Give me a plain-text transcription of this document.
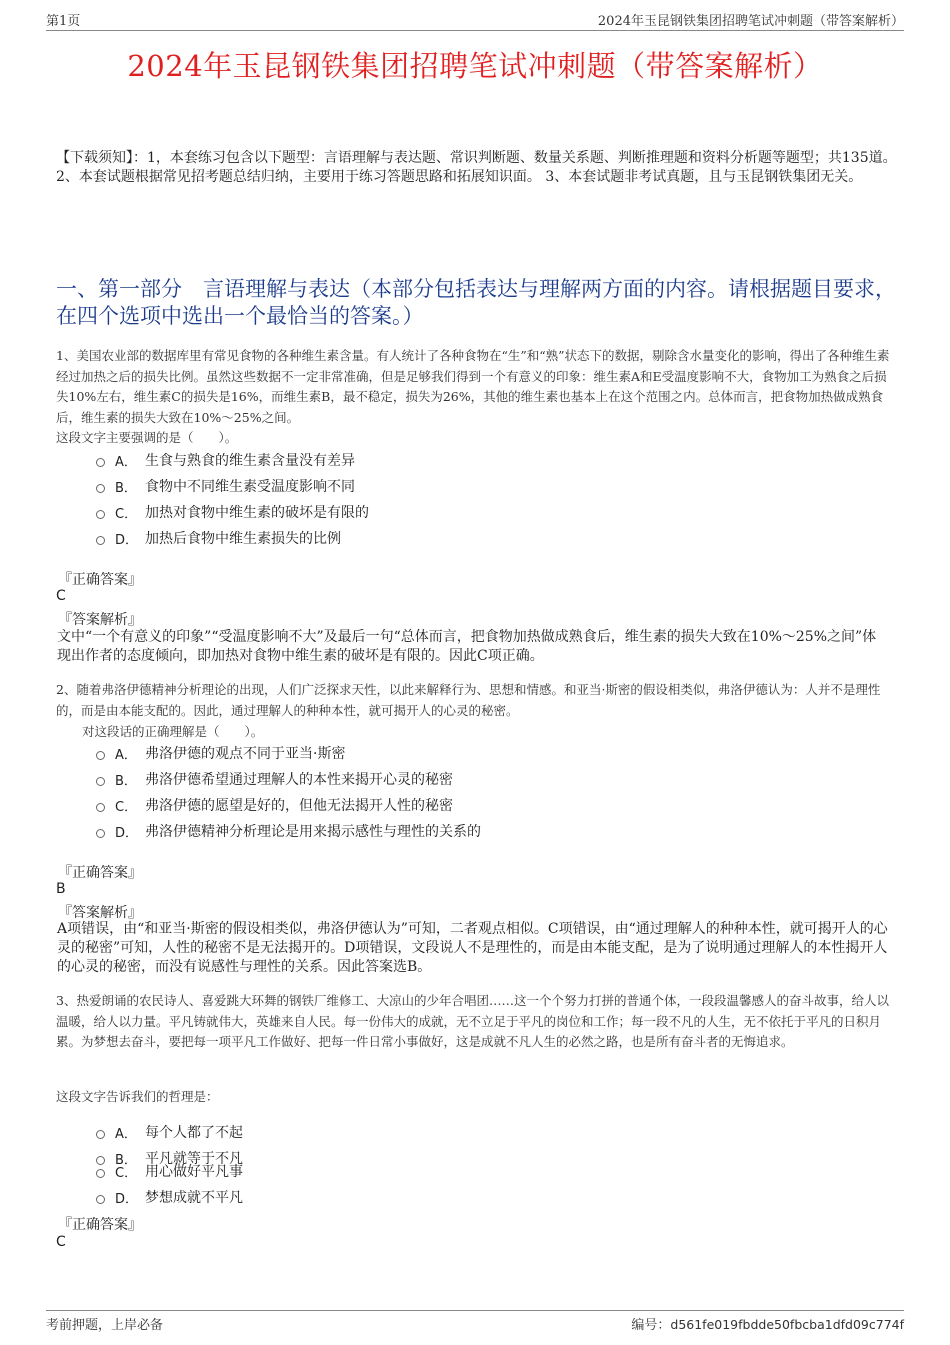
第1页	2024年玉昆钢铁集团招聘笔试冲刺题（带答案解析）
2024年玉昆钢铁集团招聘笔试冲刺题（带答案解析）
【下载须知】：1，本套练习包含以下题型：言语理解与表达题、常识判断题、数量关系题、判断推理题和资料分析题等题型；共135道。 2、本套试题根据常见招考题总结归纳，主要用于练习答题思路和拓展知识面。 3、本套试题非考试真题，且与玉昆钢铁集团无关。
一、第一部分　言语理解与表达（本部分包括表达与理解两方面的内容。请根据题目要求，在四个选项中选出一个最恰当的答案。）
1、美国农业部的数据库里有常见食物的各种维生素含量。有人统计了各种食物在“生”和“熟”状态下的数据，剔除含水量变化的影响，得出了各种维生素经过加热之后的损失比例。虽然这些数据不一定非常准确，但是足够我们得到一个有意义的印象：维生素A和E受温度影响不大，食物加工为熟食之后损失10%左右，维生素C的损失是16%，而维生素B，最不稳定，损失为26%，其他的维生素也基本上在这个范围之内。总体而言，把食物加热做成熟食后，维生素的损失大致在10%～25%之间。
这段文字主要强调的是（　　）。
A． 生食与熟食的维生素含量没有差异
B． 食物中不同维生素受温度影响不同
C． 加热对食物中维生素的破坏是有限的
D． 加热后食物中维生素损失的比例
『正确答案』
C
『答案解析』
文中“一个有意义的印象”“受温度影响不大”及最后一句“总体而言，把食物加热做成熟食后，维生素的损失大致在10%～25%之间”体现出作者的态度倾向，即加热对食物中维生素的破坏是有限的。因此C项正确。
2、随着弗洛伊德精神分析理论的出现，人们广泛探求天性，以此来解释行为、思想和情感。和亚当·斯密的假设相类似，弗洛伊德认为：人并不是理性的，而是由本能支配的。因此，通过理解人的种种本性，就可揭开人的心灵的秘密。
对这段话的正确理解是（　　）。
A． 弗洛伊德的观点不同于亚当·斯密
B． 弗洛伊德希望通过理解人的本性来揭开心灵的秘密
C． 弗洛伊德的愿望是好的，但他无法揭开人性的秘密
D． 弗洛伊德精神分析理论是用来揭示感性与理性的关系的
『正确答案』
B
『答案解析』
A项错误，由“和亚当·斯密的假设相类似，弗洛伊德认为”可知，二者观点相似。C项错误，由“通过理解人的种种本性，就可揭开人的心灵的秘密”可知，人性的秘密不是无法揭开的。D项错误，文段说人不是理性的，而是由本能支配，是为了说明通过理解人的本性揭开人的心灵的秘密，而没有说感性与理性的关系。因此答案选B。
3、热爱朗诵的农民诗人、喜爱跳大环舞的钢铁厂维修工、大凉山的少年合唱团……这一个个努力打拼的普通个体，一段段温馨感人的奋斗故事，给人以温暖，给人以力量。平凡铸就伟大，英雄来自人民。每一份伟大的成就，无不立足于平凡的岗位和工作；每一段不凡的人生，无不依托于平凡的日积月累。为梦想去奋斗，要把每一项平凡工作做好、把每一件日常小事做好，这是成就不凡人生的必然之路，也是所有奋斗者的无悔追求。
这段文字告诉我们的哲理是：
A． 每个人都了不起
B． 平凡就等于不凡
C． 用心做好平凡事
D． 梦想成就不平凡
『正确答案』
C
考前押题，上岸必备	编号：d561fe019fbdde50fbcba1dfd09c774f
